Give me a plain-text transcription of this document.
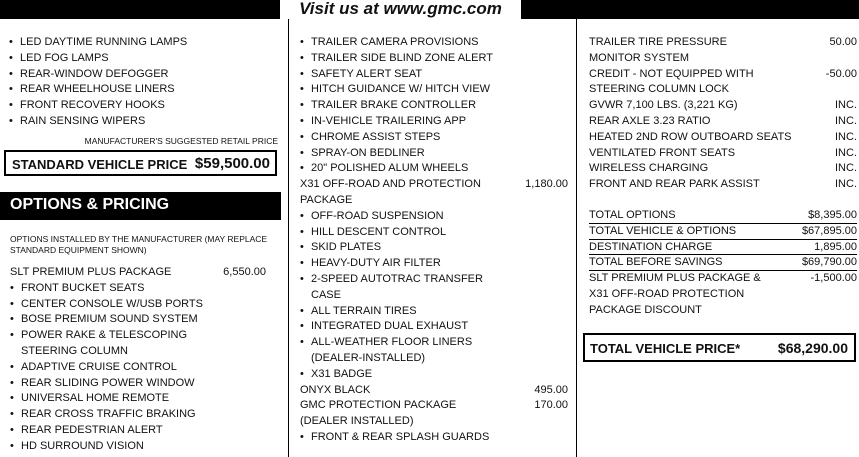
Visit us at www.gmc.com
• LED DAYTIME RUNNING LAMPS
• LED FOG LAMPS
• REAR-WINDOW DEFOGGER
• REAR WHEELHOUSE LINERS
• FRONT RECOVERY HOOKS
• RAIN SENSING WIPERS
MANUFACTURER'S SUGGESTED RETAIL PRICE
STANDARD VEHICLE PRICE $59,500.00
OPTIONS & PRICING
OPTIONS INSTALLED BY THE MANUFACTURER (MAY REPLACE
STANDARD EQUIPMENT SHOWN)
SLT PREMIUM PLUS PACKAGE	6,550.00
• FRONT BUCKET SEATS
• CENTER CONSOLE W/USB PORTS
• BOSE PREMIUM SOUND SYSTEM
• POWER RAKE & TELESCOPING
STEERING COLUMN
• ADAPTIVE CRUISE CONTROL
• REAR SLIDING POWER WINDOW
• UNIVERSAL HOME REMOTE
• REAR CROSS TRAFFIC BRAKING
• REAR PEDESTRIAN ALERT
• HD SURROUND VISION
• TRAILER CAMERA PROVISIONS
• TRAILER SIDE BLIND ZONE ALERT
• SAFETY ALERT SEAT
• HITCH GUIDANCE W/ HITCH VIEW
• TRAILER BRAKE CONTROLLER
• IN-VEHICLE TRAILERING APP
• CHROME ASSIST STEPS
• SPRAY-ON BEDLINER
• 20" POLISHED ALUM WHEELS
X31 OFF-ROAD AND PROTECTION	1,180.00
PACKAGE
• OFF-ROAD SUSPENSION
• HILL DESCENT CONTROL
• SKID PLATES
• HEAVY-DUTY AIR FILTER
• 2-SPEED AUTOTRAC TRANSFER
CASE
• ALL TERRAIN TIRES
• INTEGRATED DUAL EXHAUST
• ALL-WEATHER FLOOR LINERS
(DEALER-INSTALLED)
• X31 BADGE
ONYX BLACK	495.00
GMC PROTECTION PACKAGE	170.00
(DEALER INSTALLED)
• FRONT & REAR SPLASH GUARDS
TRAILER TIRE PRESSURE	50.00
MONITOR SYSTEM
CREDIT - NOT EQUIPPED WITH	-50.00
STEERING COLUMN LOCK
GVWR 7,100 LBS. (3,221 KG)	INC.
REAR AXLE 3.23 RATIO	INC.
HEATED 2ND ROW OUTBOARD SEATS	INC.
VENTILATED FRONT SEATS	INC.
WIRELESS CHARGING	INC.
FRONT AND REAR PARK ASSIST	INC.
TOTAL OPTIONS	$8,395.00
TOTAL VEHICLE & OPTIONS	$67,895.00
DESTINATION CHARGE	1,895.00
TOTAL BEFORE SAVINGS	$69,790.00
SLT PREMIUM PLUS PACKAGE &	-1,500.00
X31 OFF-ROAD PROTECTION
PACKAGE DISCOUNT
TOTAL VEHICLE PRICE*	$68,290.00
